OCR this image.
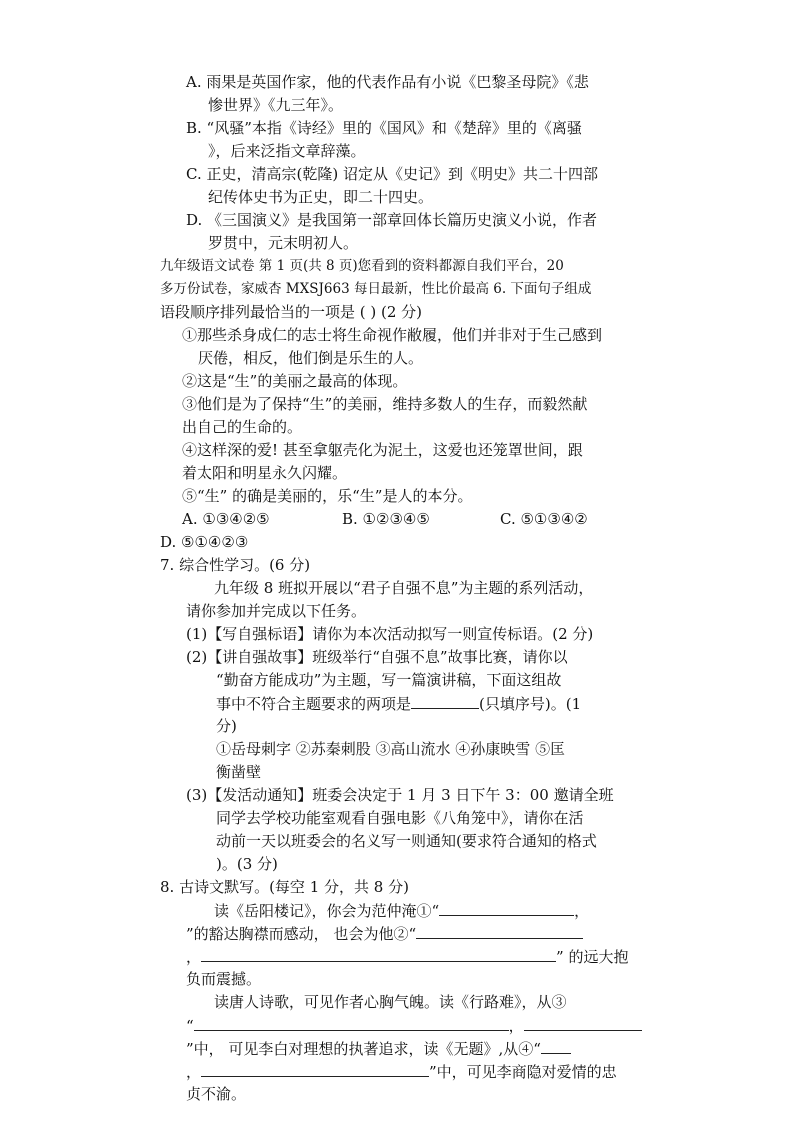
A. 雨果是英国作家，他的代表作品有小说《巴黎圣母院》《悲
惨世界》《九三年》。
B. “风骚”本指《诗经》里的《国风》和《楚辞》里的《离骚
》，后来泛指文章辞藻。
C. 正史，清高宗(乾隆) 诏定从《史记》到《明史》共二十四部
纪传体史书为正史，即二十四史。
D. 《三国演义》是我国第一部章回体长篇历史演义小说，作者
罗贯中，元末明初人。
九年级语文试卷 第 1 页(共 8 页)您看到的资料都源自我们平台，20
多万份试卷，家威杏 MXSJ663 每日最新，性比价最高 6. 下面句子组成
语段顺序排列最恰当的一项是 ( ) (2 分)
①那些杀身成仁的志士将生命视作敝履，他们并非对于生己感到
厌倦，相反，他们倒是乐生的人。
②这是“生”的美丽之最高的体现。
③他们是为了保持“生”的美丽，维持多数人的生存，而毅然献
出自己的生命的。
④这样深的爱! 甚至拿躯壳化为泥土，这爱也还笼罩世间，跟
着太阳和明星永久闪耀。
⑤“生” 的确是美丽的，乐“生”是人的本分。
A. ①③④②⑤	B. ①②③④⑤	C. ⑤①③④②
D. ⑤①④②③
7. 综合性学习。(6 分)
九年级 8 班拟开展以“君子自强不息”为主题的系列活动，
请你参加并完成以下任务。
(1)【写自强标语】请你为本次活动拟写一则宣传标语。(2 分)
(2)【讲自强故事】班级举行“自强不息”故事比赛，请你以
“勤奋方能成功”为主题，写一篇演讲稿，下面这组故
事中不符合主题要求的两项是	(只填序号)。(1
分)
①岳母刺字 ②苏秦刺股 ③高山流水 ④孙康映雪 ⑤匡
衡凿壁
(3)【发活动通知】班委会决定于 1 月 3 日下午 3：00 邀请全班
同学去学校功能室观看自强电影《八角笼中》，请你在活
动前一天以班委会的名义写一则通知(要求符合通知的格式
)。(3 分)
8. 古诗文默写。(每空 1 分，共 8 分)
读《岳阳楼记》，你会为范仲淹①“	，
”的豁达胸襟而感动， 也会为他②“
，	” 的远大抱
负而震撼。
读唐人诗歌，可见作者心胸气魄。读《行路难》，从③
“	，
”中， 可见李白对理想的执著追求，读《无题》,从④“
，	”中，可见李商隐对爱情的忠
贞不渝。
